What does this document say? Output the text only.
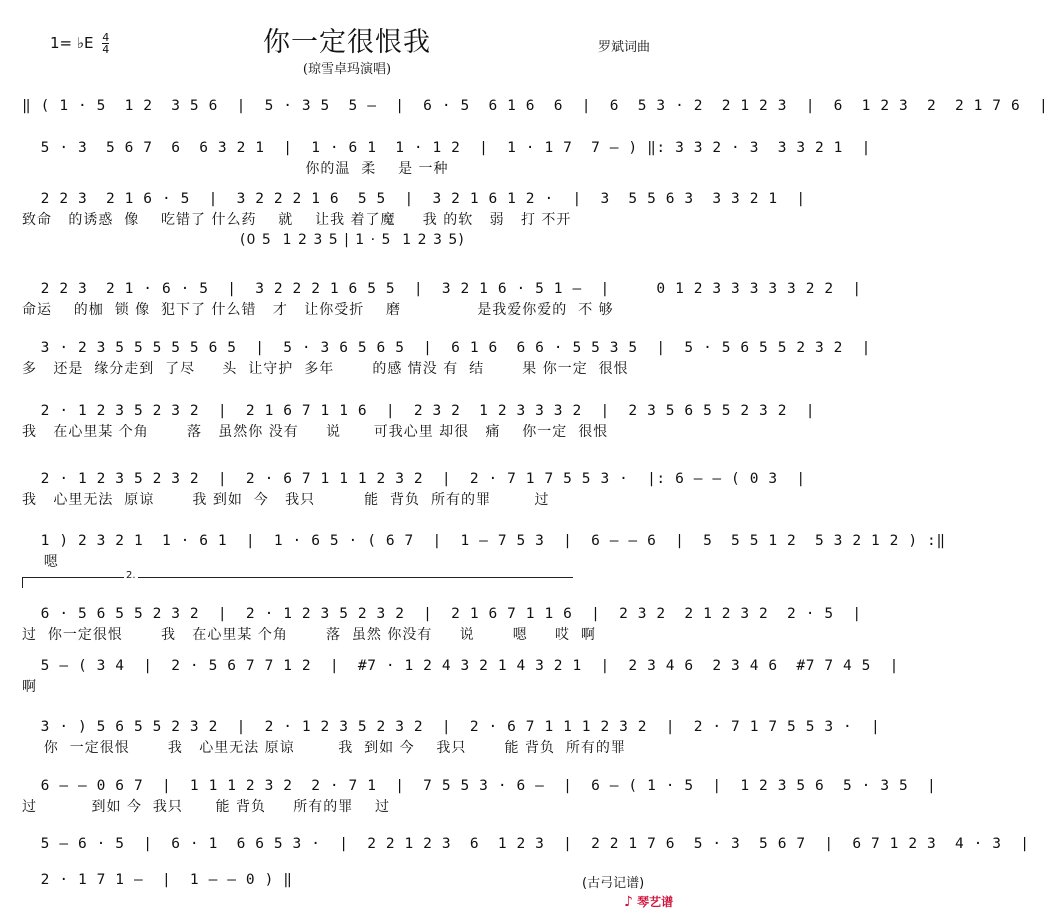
1= ♭E $\frac{4}{4}$	你一定很恨我	罗斌词曲
(琼雪卓玛演唱)
‖ ( 1 · 5  1 2  3 5 6  |  5 · 3 5  5 –  |  6 · 5  6 1 6  6  |  6  5 3 · 2  2 1 2 3  |  6  1 2 3  2  2 1 7 6  |
5 · 3  5 6 7  6  6 3 2 1  |  1 · 6 1  1 · 1 2  |  1 · 1 7  7 – ) ‖: 3 3 2 · 3  3 3 2 1  |
你的温  柔    是 一种
2 2 3  2 1 6 · 5  |  3 2 2 2 1 6  5 5  |  3 2 1 6 1 2 ·  |  3  5 5 6 3  3 3 2 1  |
致命   的诱惑  像    吃错了 什么药    就    让我 着了魔     我 的软   弱   打 不开
(0 5  1 2 3 5 | 1 · 5  1 2 3 5)
2 2 3  2 1 · 6 · 5  |  3 2 2 2 1 6 5 5  |  3 2 1 6 · 5 1 –  |     0 1 2 3 3 3 3 3 2 2  |
命运    的枷  锁 像  犯下了 什么错   才   让你受折    磨              是我爱你爱的  不 够
3 · 2 3 5 5 5 5 5 6 5  |  5 · 3 6 5 6 5  |  6 1 6  6 6 · 5 5 3 5  |  5 · 5 6 5 5 2 3 2  |
多   还是  缘分走到  了尽     头  让守护  多年       的感 情没 有  结       果 你一定  很恨
2 · 1 2 3 5 2 3 2  |  2 1 6 7 1 1 6  |  2 3 2  1 2 3 3 3 2  |  2 3 5 6 5 5 2 3 2  |
我   在心里某 个角       落   虽然你 没有     说      可我心里 却很   痛    你一定  很恨
2 · 1 2 3 5 2 3 2  |  2 · 6 7 1 1 1 2 3 2  |  2 · 7 1 7 5 5 3 ·  |: 6 – – ( 0 3  |
我   心里无法  原谅       我 到如  今   我只         能  背负  所有的罪        过
1 ) 2 3 2 1  1 · 6 1  |  1 · 6 5 · ( 6 7  |  1 – 7 5 3  |  6 – – 6  |  5  5 5 1 2  5 3 2 1 2 ) :‖
嗯
2.
6 · 5 6 5 5 2 3 2  |  2 · 1 2 3 5 2 3 2  |  2 1 6 7 1 1 6  |  2 3 2  2 1 2 3 2  2 · 5  |
过  你一定很恨       我   在心里某 个角       落  虽然 你没有     说       嗯     哎  啊
5 – ( 3 4  |  2 · 5 6 7 7 1 2  |  #7 · 1 2 4 3 2 1 4 3 2 1  |  2 3 4 6  2 3 4 6  #7 7 4 5  |
啊
3 · ) 5 6 5 5 2 3 2  |  2 · 1 2 3 5 2 3 2  |  2 · 6 7 1 1 1 2 3 2  |  2 · 7 1 7 5 5 3 ·  |
你  一定很恨       我   心里无法 原谅        我  到如 今    我只       能 背负  所有的罪
6 – – 0 6 7  |  1 1 1 2 3 2  2 · 7 1  |  7 5 5 3 · 6 –  |  6 – ( 1 · 5  |  1 2 3 5 6  5 · 3 5  |
过          到如 今  我只      能 背负     所有的罪    过
5 – 6 · 5  |  6 · 1  6 6 5 3 ·  |  2 2 1 2 3  6  1 2 3  |  2 2 1 7 6  5 · 3  5 6 7  |  6 7 1 2 3  4 · 3  |
2 · 1 7 1 –  |  1 – – 0 ) ‖	(古弓记谱)
♪ 琴艺谱
